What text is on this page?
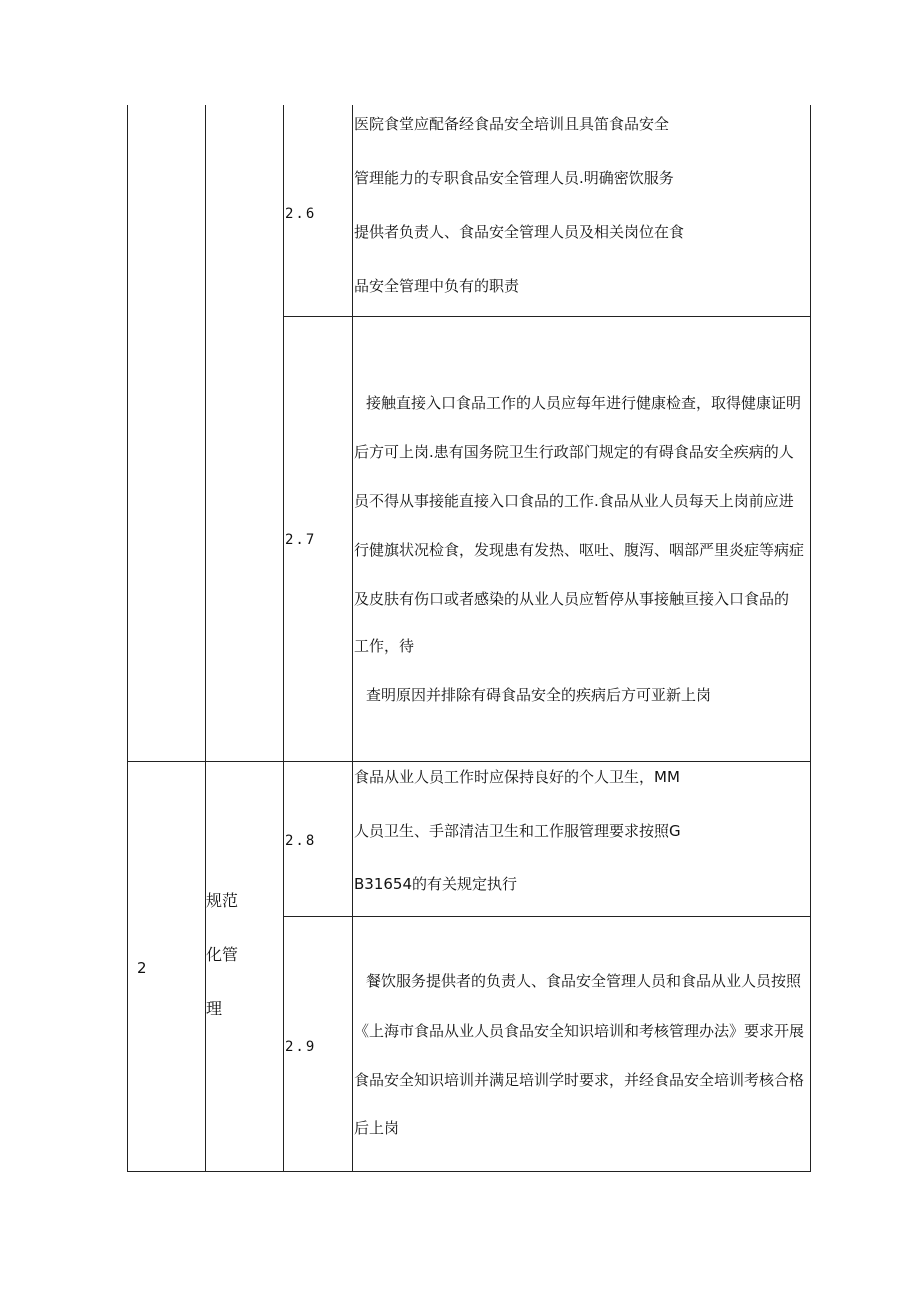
2.6
医院食堂应配备经食品安全培训且具笛食品安全
管理能力的专职食品安全管理人员.明确密饮服务
提供者负责人、食品安全管理人员及相关岗位在食
品安全管理中负有的职责
2.7
接触直接入口食品工作的人员应每年进行健康检查，取得健康证明
后方可上岗.患有国务院卫生行政部门规定的有碍食品安全疾病的人
员不得从事接能直接入口食品的工作.食品从业人员每天上岗前应进
行健旗状况检食，发现患有发热、呕吐、腹泻、咽部严里炎症等病症
及皮肤有伤口或者感染的从业人员应暂停从事接触亘接入口食品的
工作，待
查明原因并排除有碍食品安全的疾病后方可亚新上岗
2
规范
化管
理
2.8
食品从业人员工作时应保持良好的个人卫生，MM
人员卫生、手部清洁卫生和工作服管理要求按照G
B31654的有关规定执行
2.9
餐饮服务提供者的负责人、食品安全管理人员和食品从业人员按照
《上海市食品从业人员食品安全知识培训和考核管理办法》要求开展
食品安全知识培训并满足培训学时要求，并经食品安全培训考核合格
后上岗
